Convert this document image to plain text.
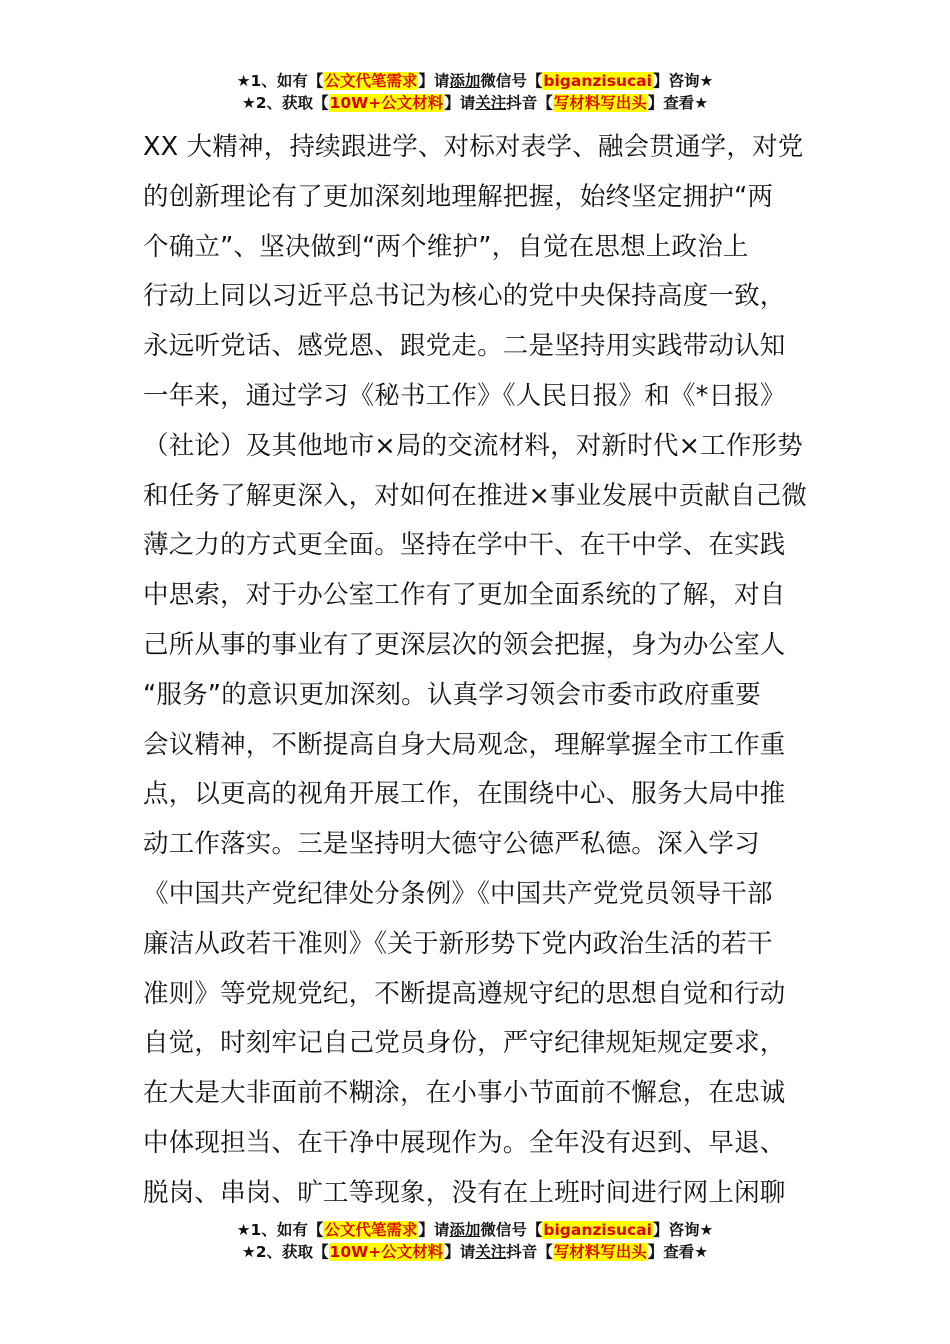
★1、如有【公文代笔需求】请添加微信号【biganzisucai】咨询★
★2、获取【10W+公文材料】请关注抖音【写材料写出头】查看★
XX 大精神，持续跟进学、对标对表学、融会贯通学，对党
的创新理论有了更加深刻地理解把握，始终坚定拥护“两
个确立”、坚决做到“两个维护”，自觉在思想上政治上
行动上同以习近平总书记为核心的党中央保持高度一致，
永远听党话、感党恩、跟党走。二是坚持用实践带动认知
一年来，通过学习《秘书工作》《人民日报》和《*日报》
（社论）及其他地市×局的交流材料，对新时代×工作形势
和任务了解更深入，对如何在推进×事业发展中贡献自己微
薄之力的方式更全面。坚持在学中干、在干中学、在实践
中思索，对于办公室工作有了更加全面系统的了解，对自
己所从事的事业有了更深层次的领会把握，身为办公室人
“服务”的意识更加深刻。认真学习领会市委市政府重要
会议精神，不断提高自身大局观念，理解掌握全市工作重
点，以更高的视角开展工作，在围绕中心、服务大局中推
动工作落实。三是坚持明大德守公德严私德。深入学习
《中国共产党纪律处分条例》《中国共产党党员领导干部
廉洁从政若干准则》《关于新形势下党内政治生活的若干
准则》等党规党纪，不断提高遵规守纪的思想自觉和行动
自觉，时刻牢记自己党员身份，严守纪律规矩规定要求，
在大是大非面前不糊涂，在小事小节面前不懈怠，在忠诚
中体现担当、在干净中展现作为。全年没有迟到、早退、
脱岗、串岗、旷工等现象，没有在上班时间进行网上闲聊
★1、如有【公文代笔需求】请添加微信号【biganzisucai】咨询★
★2、获取【10W+公文材料】请关注抖音【写材料写出头】查看★
